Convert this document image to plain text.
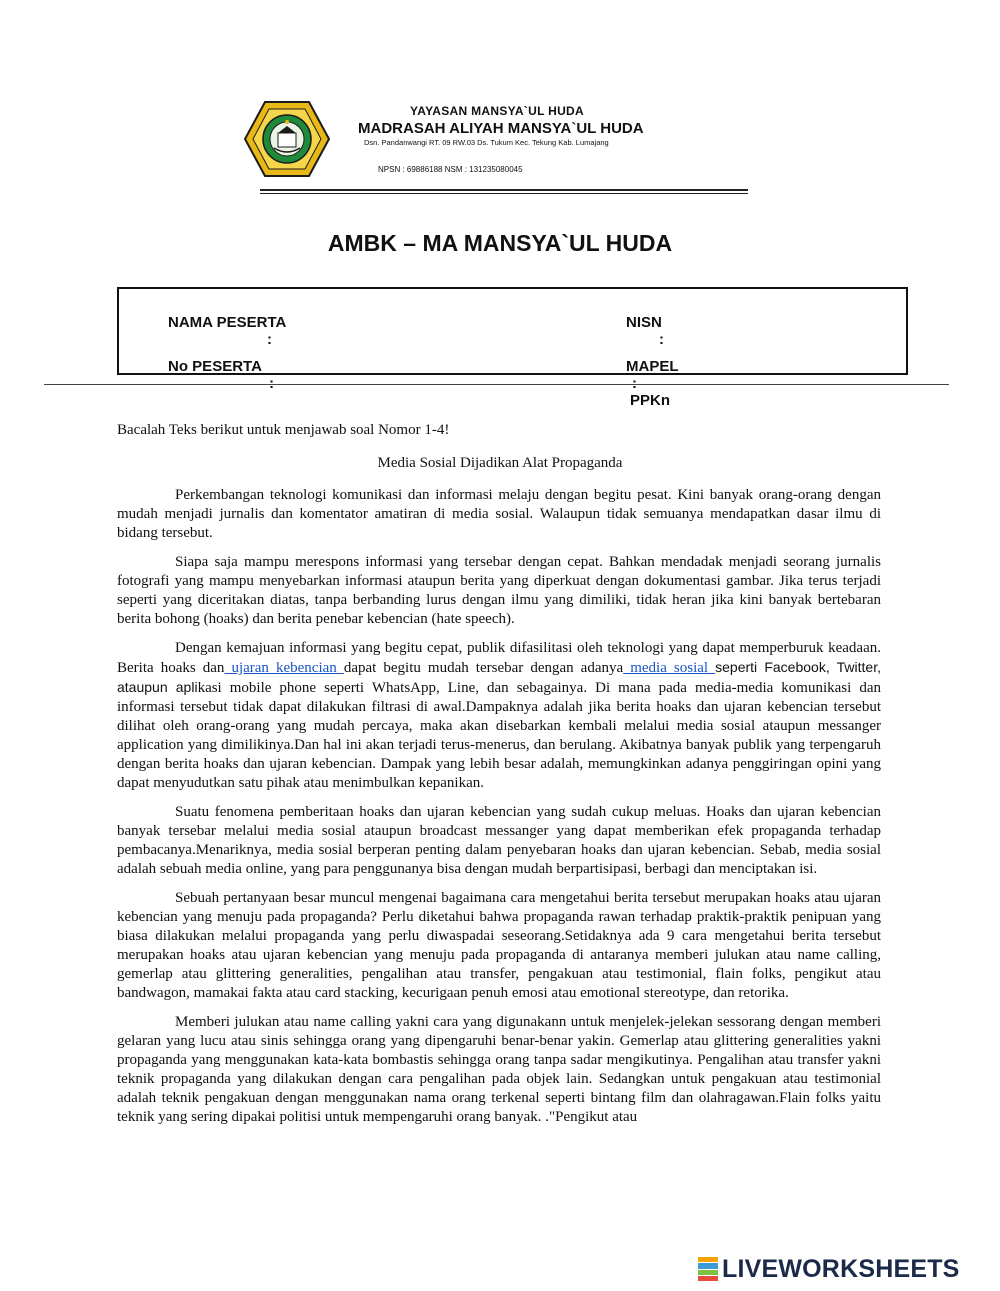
YAYASAN MANSYA`UL HUDA
MADRASAH ALIYAH MANSYA`UL HUDA
Dsn. Pandanwangi RT. 09 RW.03 Ds. Tukum Kec. Tekung Kab. Lumajang
NPSN : 69886188 NSM : 131235080045
AMBK – MA MANSYA`UL HUDA

NAMA PESERTA

:

No PESERTA

NISN

:

MAPEL

PPKn

Bacalah Teks berikut untuk menjawab soal Nomor 1-4!
Media Sosial Dijadikan Alat Propaganda

Perkembangan teknologi komunikasi dan informasi melaju dengan begitu pesat. Kini banyak orang-orang dengan mudah menjadi jurnalis dan komentator amatiran di media sosial. Walaupun tidak semuanya mendapatkan dasar ilmu di bidang tersebut.

Siapa saja mampu merespons informasi yang tersebar dengan cepat. Bahkan mendadak menjadi seorang jurnalis fotografi yang mampu menyebarkan informasi ataupun berita yang diperkuat dengan dokumentasi gambar. Jika terus terjadi seperti yang diceritakan diatas, tanpa berbanding lurus dengan ilmu yang dimiliki, tidak heran jika kini banyak bertebaran berita bohong (hoaks) dan berita penebar kebencian (hate speech).

Dengan kemajuan informasi yang begitu cepat, publik difasilitasi oleh teknologi yang dapat memperburuk keadaan. Berita hoaks dan ujaran kebencian dapat begitu mudah tersebar dengan adanya media sosial seperti Facebook, Twitter, ataupun aplikasi mobile phone seperti WhatsApp, Line, dan sebagainya. Di mana pada media-media komunikasi dan informasi tersebut tidak dapat dilakukan filtrasi di awal.Dampaknya adalah jika berita hoaks dan ujaran kebencian tersebut dilihat oleh orang-orang yang mudah percaya, maka akan disebarkan kembali melalui media sosial ataupun messanger application yang dimilikinya.Dan hal ini akan terjadi terus-menerus, dan berulang. Akibatnya banyak publik yang terpengaruh dengan berita hoaks dan ujaran kebencian. Dampak yang lebih besar adalah, memungkinkan adanya penggiringan opini yang dapat menyudutkan satu pihak atau menimbulkan kepanikan.

Suatu fenomena pemberitaan hoaks dan ujaran kebencian yang sudah cukup meluas. Hoaks dan ujaran kebencian banyak tersebar melalui media sosial ataupun broadcast messanger yang dapat memberikan efek propaganda terhadap pembacanya.Menariknya, media sosial berperan penting dalam penyebaran hoaks dan ujaran kebencian. Sebab, media sosial adalah sebuah media online, yang para penggunanya bisa dengan mudah berpartisipasi, berbagi dan menciptakan isi.

Sebuah pertanyaan besar muncul mengenai bagaimana cara mengetahui berita tersebut merupakan hoaks atau ujaran kebencian yang menuju pada propaganda? Perlu diketahui bahwa propaganda rawan terhadap praktik-praktik penipuan yang biasa dilakukan melalui propaganda yang perlu diwaspadai seseorang.Setidaknya ada 9 cara mengetahui berita tersebut merupakan hoaks atau ujaran kebencian yang menuju pada propaganda di antaranya memberi julukan atau name calling, gemerlap atau glittering generalities, pengalihan atau transfer, pengakuan atau testimonial, flain folks, pengikut atau bandwagon, mamakai fakta atau card stacking, kecurigaan penuh emosi atau emotional stereotype, dan retorika.

Memberi julukan atau name calling yakni cara yang digunakann untuk menjelek-jelekan sessorang dengan memberi gelaran yang lucu atau sinis sehingga orang yang dipengaruhi benar-benar yakin. Gemerlap atau glittering generalities yakni propaganda yang menggunakan kata-kata bombastis sehingga orang tanpa sadar mengikutinya. Pengalihan atau transfer yakni teknik propaganda yang dilakukan dengan cara pengalihan pada objek lain. Sedangkan untuk pengakuan atau testimonial adalah teknik pengakuan dengan menggunakan nama orang terkenal seperti bintang film dan olahragawan.Flain folks yaitu teknik yang sering dipakai politisi untuk mempengaruhi orang banyak. ."Pengikut atau

LIVEWORKSHEETS
